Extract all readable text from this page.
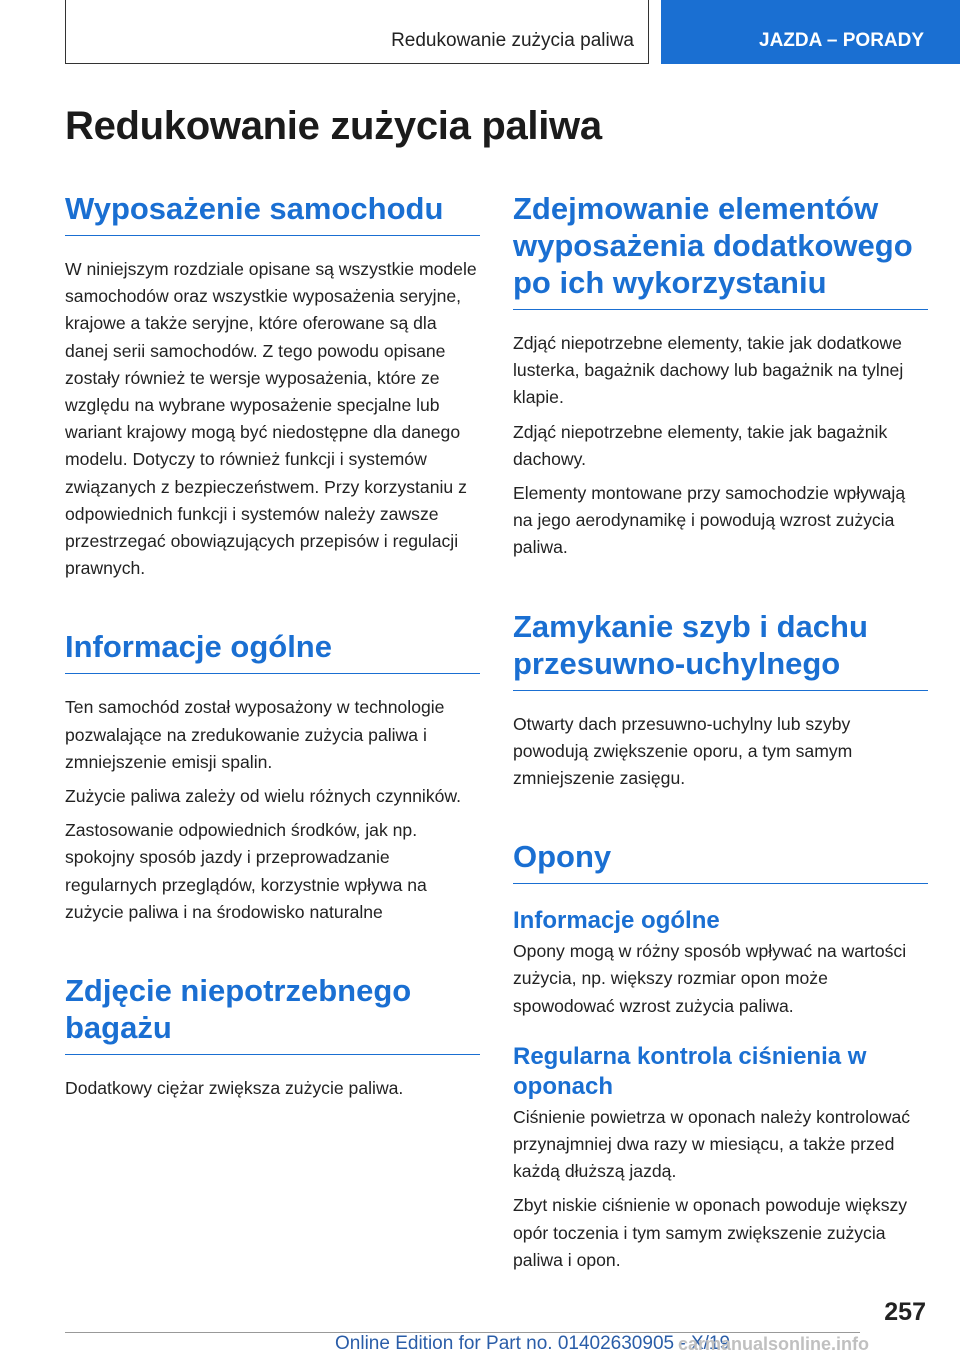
Redukowanie zużycia paliwa	JAZDA – PORADY
Redukowanie zużycia paliwa
Wyposażenie samochodu

W niniejszym rozdziale opisane są wszystkie modele samochodów oraz wszystkie wyposażenia seryjne, krajowe a także seryjne, które oferowane są dla danej serii samochodów. Z tego powodu opisane zostały również te wersje wyposażenia, które ze względu na wybrane wyposażenie specjalne lub wariant krajowy mogą być niedostępne dla danego modelu. Dotyczy to również funkcji i systemów związanych z bezpieczeństwem. Przy korzystaniu z odpowiednich funkcji i systemów należy zawsze przestrzegać obowiązujących przepisów i regulacji prawnych.

Informacje ogólne

Ten samochód został wyposażony w technologie pozwalające na zredukowanie zużycia paliwa i zmniejszenie emisji spalin.

Zużycie paliwa zależy od wielu różnych czynników.

Zastosowanie odpowiednich środków, jak np. spokojny sposób jazdy i przeprowadzanie regularnych przeglądów, korzystnie wpływa na zużycie paliwa i na środowisko naturalne

Zdjęcie niepotrzebnego bagażu

Dodatkowy ciężar zwiększa zużycie paliwa.

Zdejmowanie elementów wyposażenia dodatkowego po ich wykorzystaniu

Zdjąć niepotrzebne elementy, takie jak dodatkowe lusterka, bagażnik dachowy lub bagażnik na tylnej klapie.

Zdjąć niepotrzebne elementy, takie jak bagażnik dachowy.

Elementy montowane przy samochodzie wpływają na jego aerodynamikę i powodują wzrost zużycia paliwa.

Zamykanie szyb i dachu przesuwno-uchylnego

Otwarty dach przesuwno-uchylny lub szyby powodują zwiększenie oporu, a tym samym zmniejszenie zasięgu.

Opony
Informacje ogólne

Opony mogą w różny sposób wpływać na wartości zużycia, np. większy rozmiar opon może spowodować wzrost zużycia paliwa.

Regularna kontrola ciśnienia w oponach

Ciśnienie powietrza w oponach należy kontrolować przynajmniej dwa razy w miesiącu, a także przed każdą dłuższą jazdą.

Zbyt niskie ciśnienie w oponach powoduje większy opór toczenia i tym samym zwiększenie zużycia paliwa i opon.

257
Online Edition for Part no. 01402630905 - X/19
carmanualsonline.info
